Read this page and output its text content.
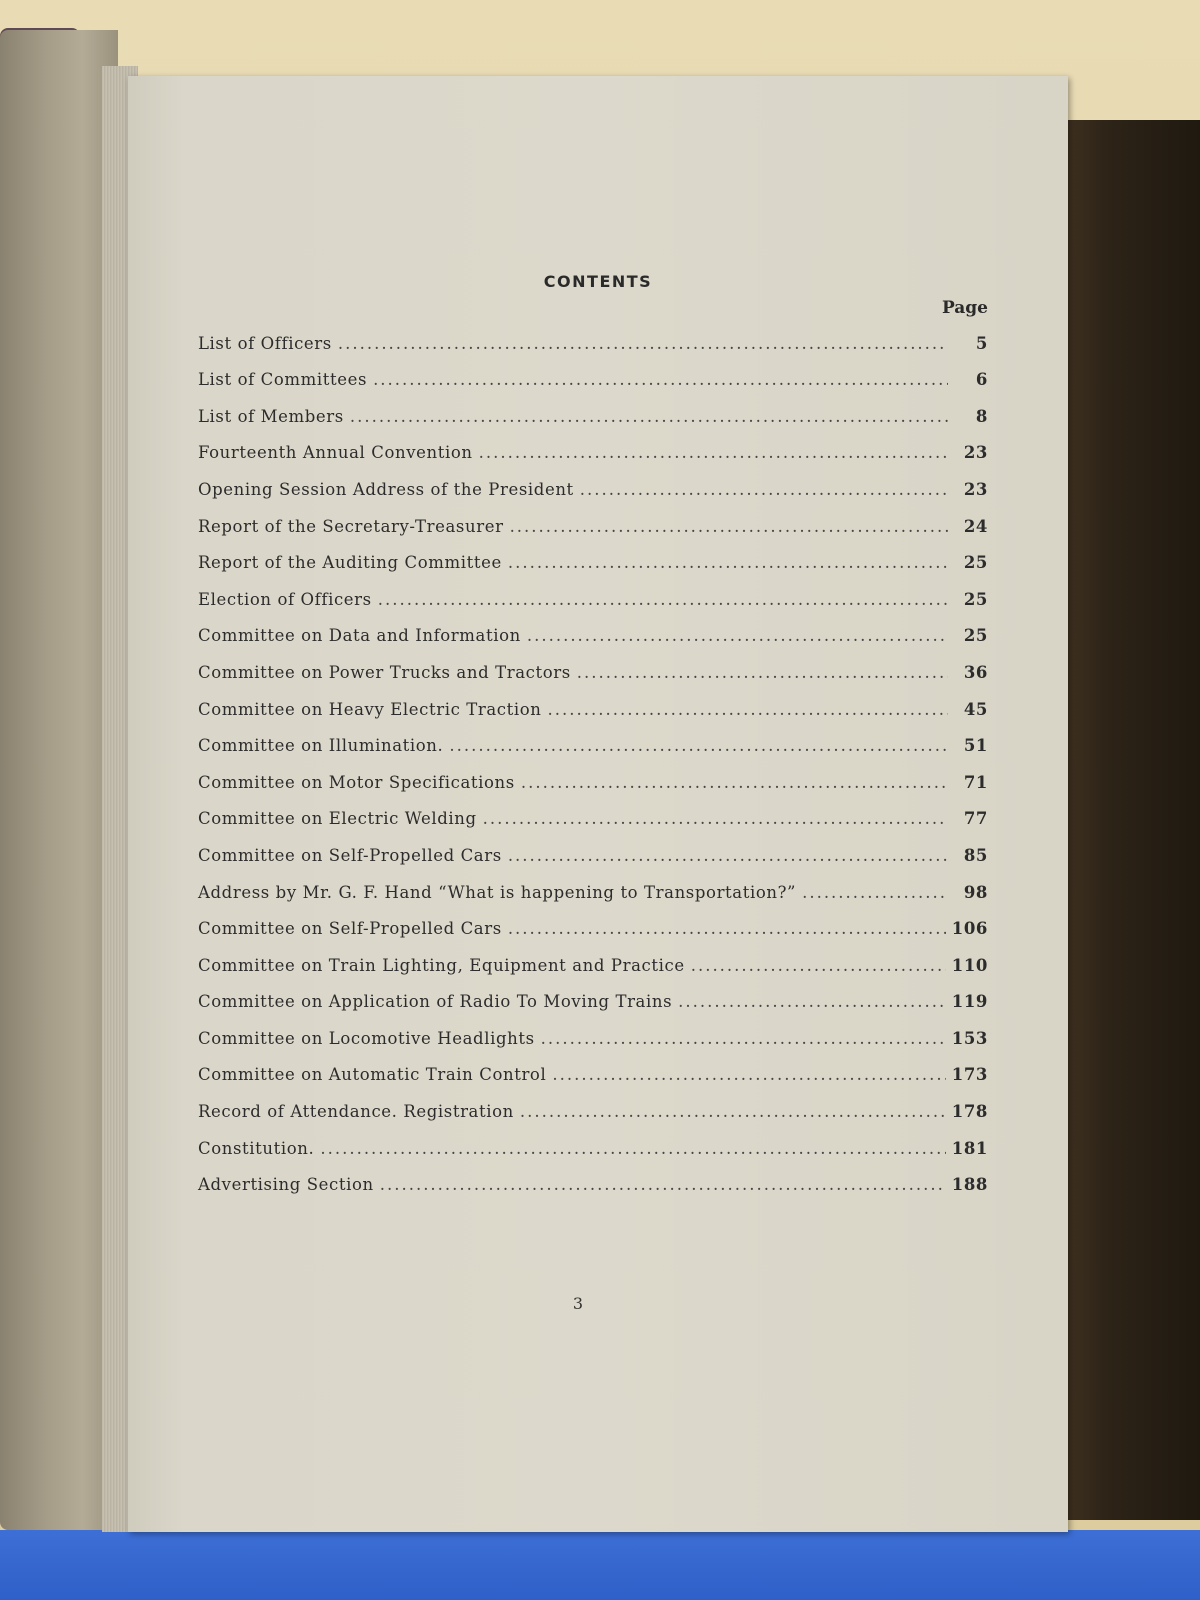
CONTENTS
Page
List of Officers .....	5
List of Committees .....	6
List of Members .....	8
Fourteenth Annual Convention .....	23
Opening Session Address of the President .....	23
Report of the Secretary-Treasurer .....	24
Report of the Auditing Committee .....	25
Election of Officers .....	25
Committee on Data and Information .....	25
Committee on Power Trucks and Tractors .....	36
Committee on Heavy Electric Traction .....	45
Committee on Illumination. .....	51
Committee on Motor Specifications .....	71
Committee on Electric Welding .....	77
Committee on Self-Propelled Cars .....	85
Address by Mr. G. F. Hand “What is happening to Transportation?” .....	98
Committee on Self-Propelled Cars .....	106
Committee on Train Lighting, Equipment and Practice .....	110
Committee on Application of Radio To Moving Trains .....	119
Committee on Locomotive Headlights .....	153
Committee on Automatic Train Control .....	173
Record of Attendance. Registration .....	178
Constitution. .....	181
Advertising Section .....	188
3
